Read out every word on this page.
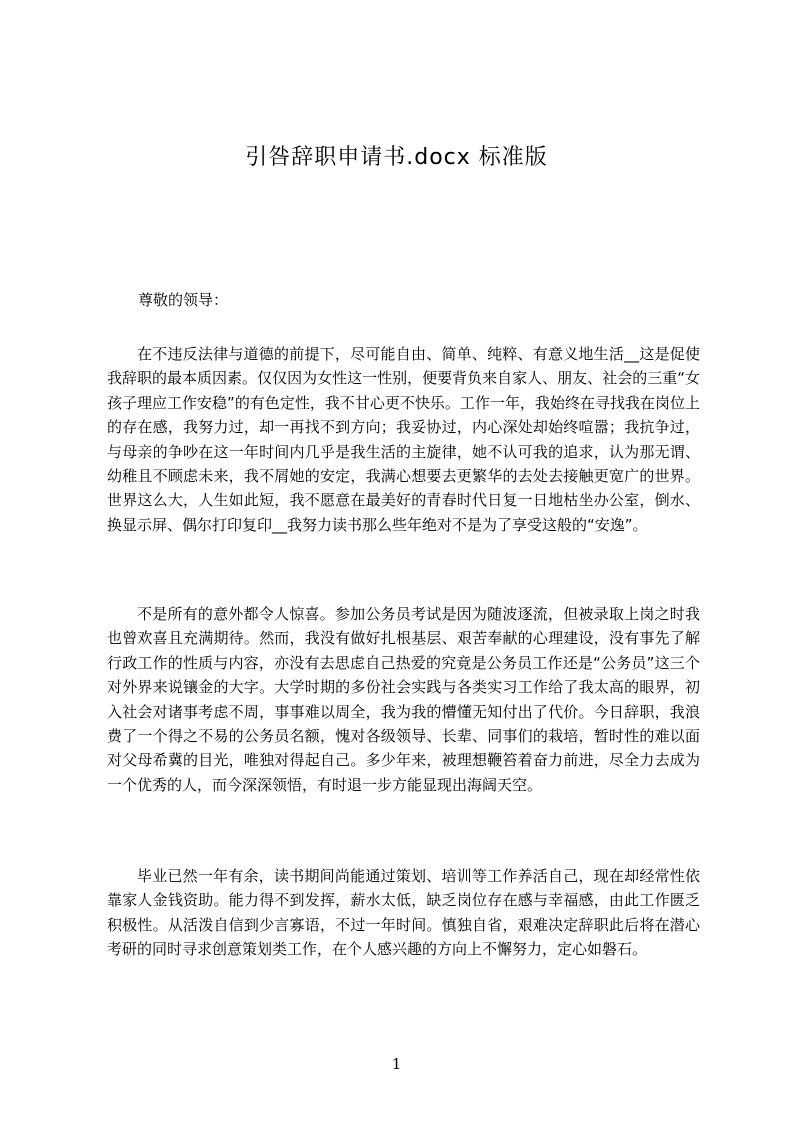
引咎辞职申请书.docx 标准版
尊敬的领导：

在不违反法律与道德的前提下，尽可能自由、简单、纯粹、有意义地生活__这是促使我辞职的最本质因素。仅仅因为女性这一性别，便要背负来自家人、朋友、社会的三重“女孩子理应工作安稳”的有色定性，我不甘心更不快乐。工作一年，我始终在寻找我在岗位上的存在感，我努力过，却一再找不到方向；我妥协过，内心深处却始终喧嚣；我抗争过，与母亲的争吵在这一年时间内几乎是我生活的主旋律，她不认可我的追求，认为那无谓、幼稚且不顾虑未来，我不屑她的安定，我满心想要去更繁华的去处去接触更宽广的世界。世界这么大，人生如此短，我不愿意在最美好的青春时代日复一日地枯坐办公室，倒水、换显示屏、偶尔打印复印__我努力读书那么些年绝对不是为了享受这般的“安逸”。

不是所有的意外都令人惊喜。参加公务员考试是因为随波逐流，但被录取上岗之时我也曾欢喜且充满期待。然而，我没有做好扎根基层、艰苦奉献的心理建设，没有事先了解行政工作的性质与内容，亦没有去思虑自己热爱的究竟是公务员工作还是“公务员”这三个对外界来说镶金的大字。大学时期的多份社会实践与各类实习工作给了我太高的眼界，初入社会对诸事考虑不周，事事难以周全，我为我的懵懂无知付出了代价。今日辞职，我浪费了一个得之不易的公务员名额，愧对各级领导、长辈、同事们的栽培，暂时性的难以面对父母希冀的目光，唯独对得起自己。多少年来，被理想鞭笞着奋力前进，尽全力去成为一个优秀的人，而今深深领悟，有时退一步方能显现出海阔天空。

毕业已然一年有余，读书期间尚能通过策划、培训等工作养活自己，现在却经常性依靠家人金钱资助。能力得不到发挥，薪水太低，缺乏岗位存在感与幸福感，由此工作匮乏积极性。从活泼自信到少言寡语，不过一年时间。慎独自省，艰难决定辞职此后将在潜心考研的同时寻求创意策划类工作，在个人感兴趣的方向上不懈努力，定心如磐石。

1
